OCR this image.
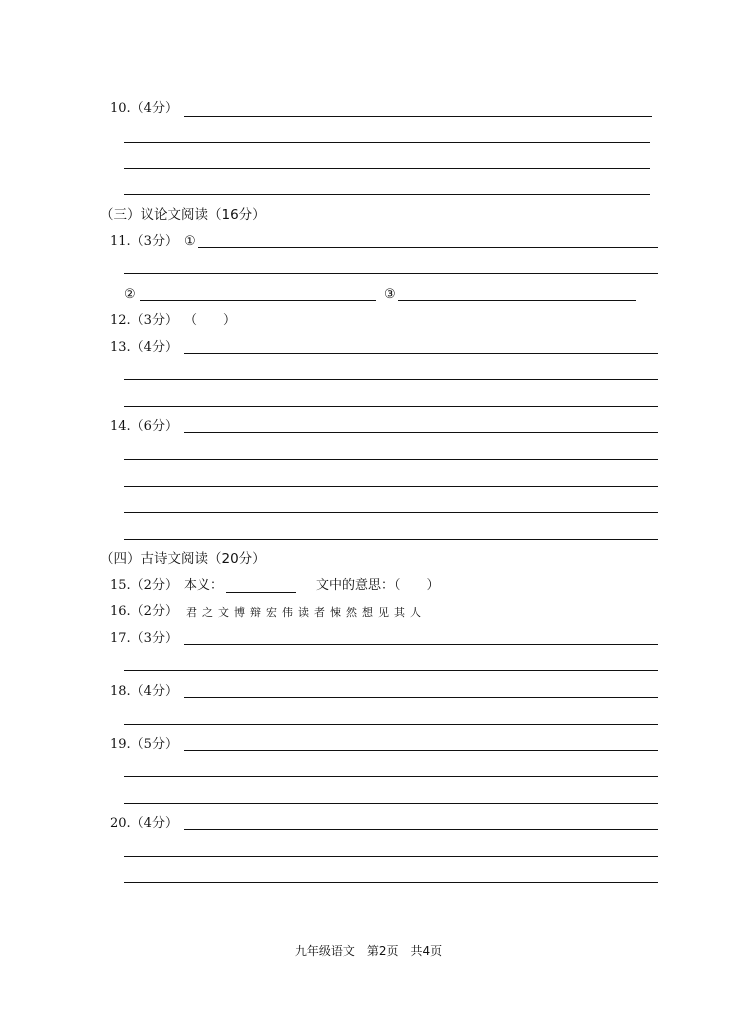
10.（4分）
（三）议论文阅读（16分）
11.（3分） ①
②	③
12.（3分） （　　）
13.（4分）
14.（6分）
（四）古诗文阅读（20分）
15.（2分） 本义：	文中的意思：（　　）
16.（2分） 君之文博辩宏伟读者悚然想见其人
17.（3分）
18.（4分）
19.（5分）
20.（4分）
九年级语文　第2页　共4页
